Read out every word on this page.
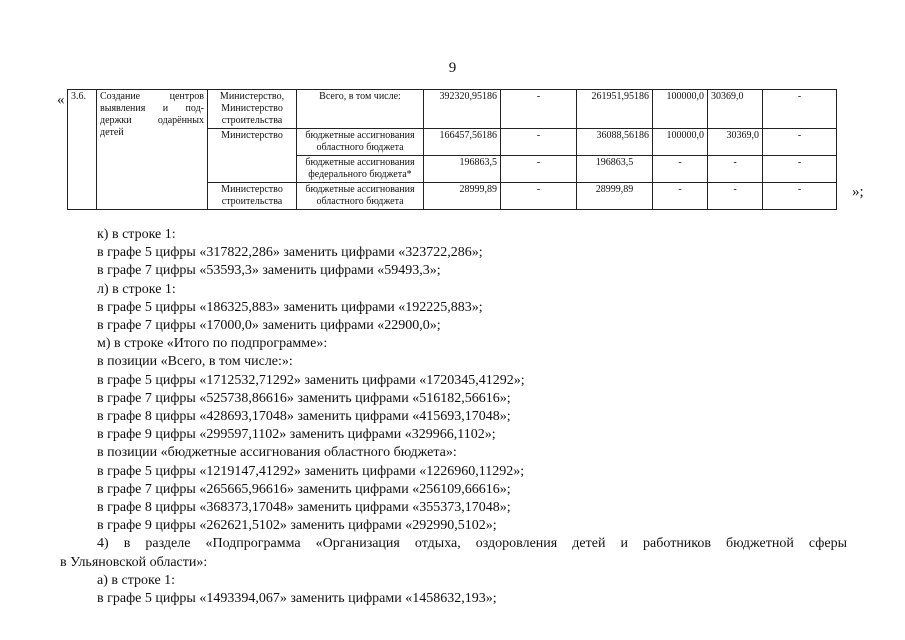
9
« 3.6.	Создание центров выявления и под-держки одарённых детей	Министерство, Министерство строительства	Всего, в том числе:	392320,95186	-	261951,95186	100000,0	30369,0	-
		Министерство	бюджетные ассигнования областного бюджета	166457,56186	-	36088,56186	100000,0	30369,0	-
			бюджетные ассигнования федерального бюджета*	196863,5	-	196863,5	-	-	-
		Министерство строительства	бюджетные ассигнования областного бюджета	28999,89	-	28999,89	-	-	-	»;
к) в строке 1:
в графе 5 цифры «317822,286» заменить цифрами «323722,286»;
в графе 7 цифры «53593,3» заменить цифрами «59493,3»;
л) в строке 1:
в графе 5 цифры «186325,883» заменить цифрами «192225,883»;
в графе 7 цифры «17000,0» заменить цифрами «22900,0»;
м) в строке «Итого по подпрограмме»:
в позиции «Всего, в том числе:»:
в графе 5 цифры «1712532,71292» заменить цифрами «1720345,41292»;
в графе 7 цифры «525738,86616» заменить цифрами «516182,56616»;
в графе 8 цифры «428693,17048» заменить цифрами «415693,17048»;
в графе 9 цифры «299597,1102» заменить цифрами «329966,1102»;
в позиции «бюджетные ассигнования областного бюджета»:
в графе 5 цифры «1219147,41292» заменить цифрами «1226960,11292»;
в графе 7 цифры «265665,96616» заменить цифрами «256109,66616»;
в графе 8 цифры «368373,17048» заменить цифрами «355373,17048»;
в графе 9 цифры «262621,5102» заменить цифрами «292990,5102»;
4) в разделе «Подпрограмма «Организация отдыха, оздоровления детей и работников бюджетной сферы
в Ульяновской области»:
а) в строке 1:
в графе 5 цифры «1493394,067» заменить цифрами «1458632,193»;
